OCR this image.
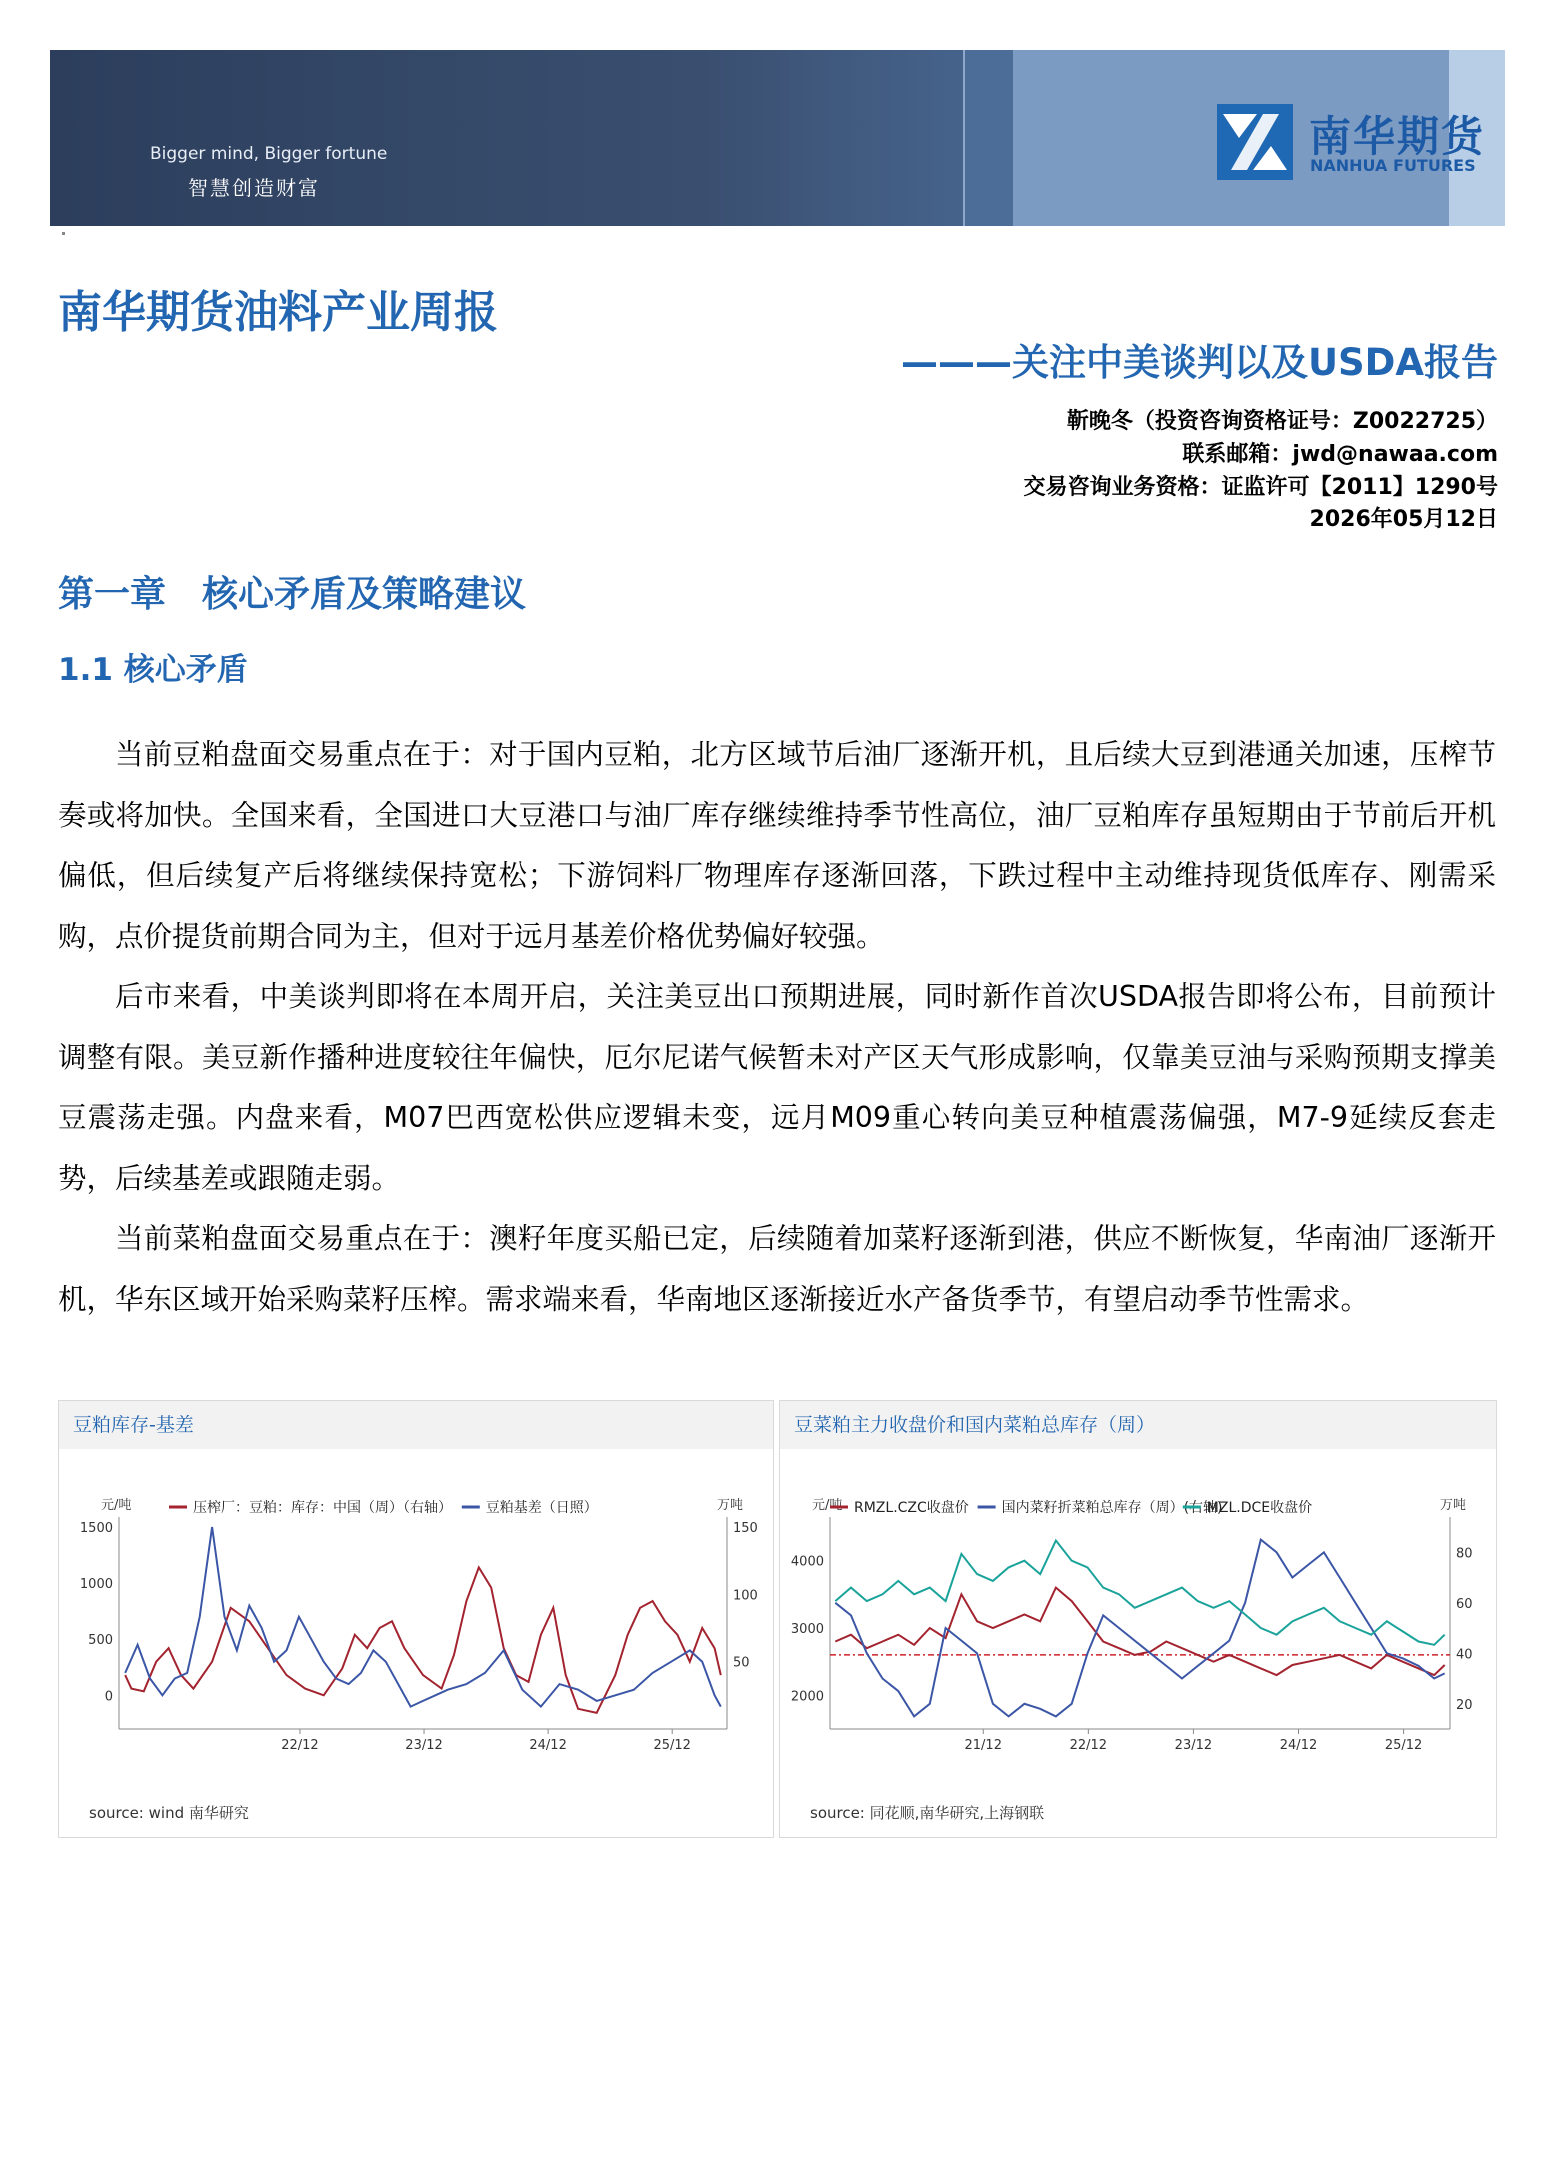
Bigger mind, Bigger fortune
智慧创造财富
南华期货
NANHUA FUTURES
南华期货油料产业周报
———关注中美谈判以及USDA报告
靳晚冬（投资咨询资格证号：Z0022725）
联系邮箱：jwd@nawaa.com
交易咨询业务资格：证监许可【2011】1290号
2026年05月12日
第一章　核心矛盾及策略建议
1.1 核心矛盾

当前豆粕盘面交易重点在于：对于国内豆粕，北方区域节后油厂逐渐开机，且后续大豆到港通关加速，压榨节奏或将加快。全国来看，全国进口大豆港口与油厂库存继续维持季节性高位，油厂豆粕库存虽短期由于节前后开机偏低，但后续复产后将继续保持宽松；下游饲料厂物理库存逐渐回落，下跌过程中主动维持现货低库存、刚需采购，点价提货前期合同为主，但对于远月基差价格优势偏好较强。

后市来看，中美谈判即将在本周开启，关注美豆出口预期进展，同时新作首次USDA报告即将公布，目前预计调整有限。美豆新作播种进度较往年偏快，厄尔尼诺气候暂未对产区天气形成影响，仅靠美豆油与采购预期支撑美豆震荡走强。内盘来看，M07巴西宽松供应逻辑未变，远月M09重心转向美豆种植震荡偏强，M7-9延续反套走势，后续基差或跟随走弱。

当前菜粕盘面交易重点在于：澳籽年度买船已定，后续随着加菜籽逐渐到港，供应不断恢复，华南油厂逐渐开机，华东区域开始采购菜籽压榨。需求端来看，华南地区逐渐接近水产备货季节，有望启动季节性需求。

豆粕库存-基差
元/吨	万吨
1500
1000
500
0
150
100
50
22/12	23/12	24/12	25/12
压榨厂：豆粕：库存：中国（周）（右轴） 豆粕基差（日照）
source: wind 南华研究
豆菜粕主力收盘价和国内菜粕总库存（周）
元/吨	万吨
4000
3000
2000
80
60
40
20
21/12	22/12	23/12	24/12	25/12
RMZL.CZC收盘价 国内菜籽折菜粕总库存（周）(右轴)
MZL.DCE收盘价
source: 同花顺,南华研究,上海钢联
